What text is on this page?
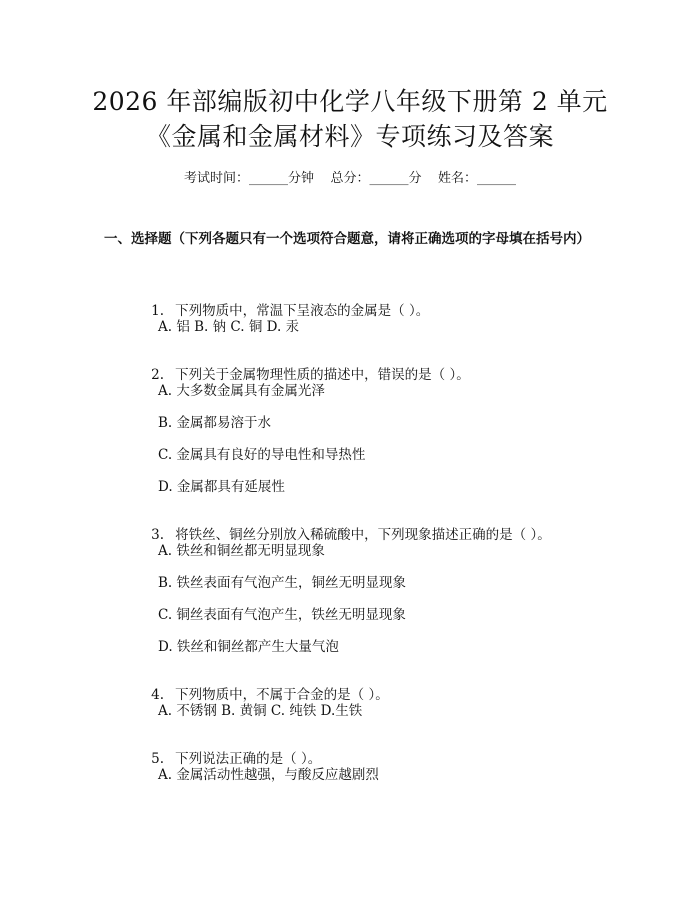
2026 年部编版初中化学八年级下册第 2 单元
《金属和金属材料》专项练习及答案
考试时间：______分钟    总分：______分    姓名：______
一、选择题（下列各题只有一个选项符合题意，请将正确选项的字母填在括号内）

1. 下列物质中，常温下呈液态的金属是（ ）。

A. 铝 B. 钠 C. 铜 D. 汞

2. 下列关于金属物理性质的描述中，错误的是（ ）。

A. 大多数金属具有金属光泽
B. 金属都易溶于水
C. 金属具有良好的导电性和导热性
D. 金属都具有延展性

3. 将铁丝、铜丝分别放入稀硫酸中，下列现象描述正确的是（ ）。

A. 铁丝和铜丝都无明显现象
B. 铁丝表面有气泡产生，铜丝无明显现象
C. 铜丝表面有气泡产生，铁丝无明显现象
D. 铁丝和铜丝都产生大量气泡

4. 下列物质中，不属于合金的是（ ）。

A. 不锈钢 B. 黄铜 C. 纯铁 D.生铁

5. 下列说法正确的是（ ）。

A. 金属活动性越强，与酸反应越剧烈
